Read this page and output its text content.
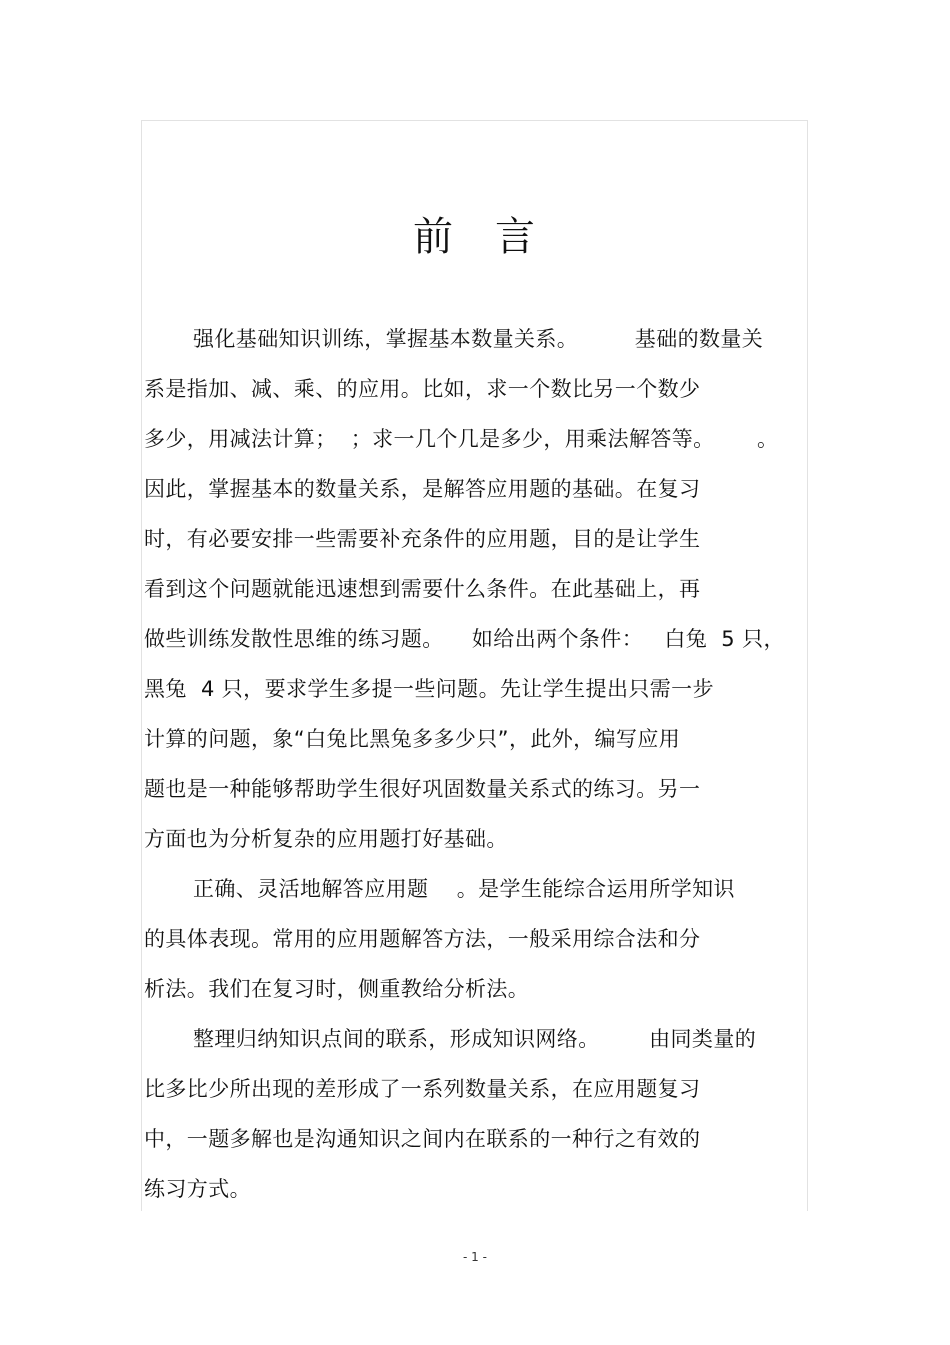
前 言
强化基础知识训练，掌握基本数量关系。        基础的数量关
系是指加、减、乘、的应用。比如，求一个数比另一个数少
多少，用减法计算；  ；求一几个几是多少，用乘法解答等。      。
因此，掌握基本的数量关系，是解答应用题的基础。在复习
时，有必要安排一些需要补充条件的应用题，目的是让学生
看到这个问题就能迅速想到需要什么条件。在此基础上，再
做些训练发散性思维的练习题。    如给出两个条件：   白兔  5 只，
黑兔  4 只，要求学生多提一些问题。先让学生提出只需一步
计算的问题，象“白兔比黑兔多多少只”，此外，编写应用
题也是一种能够帮助学生很好巩固数量关系式的练习。另一
方面也为分析复杂的应用题打好基础。
正确、灵活地解答应用题    。是学生能综合运用所学知识
的具体表现。常用的应用题解答方法，一般采用综合法和分
析法。我们在复习时，侧重教给分析法。
整理归纳知识点间的联系，形成知识网络。       由同类量的
比多比少所出现的差形成了一系列数量关系，在应用题复习
中，一题多解也是沟通知识之间内在联系的一种行之有效的
练习方式。
- 1 -
